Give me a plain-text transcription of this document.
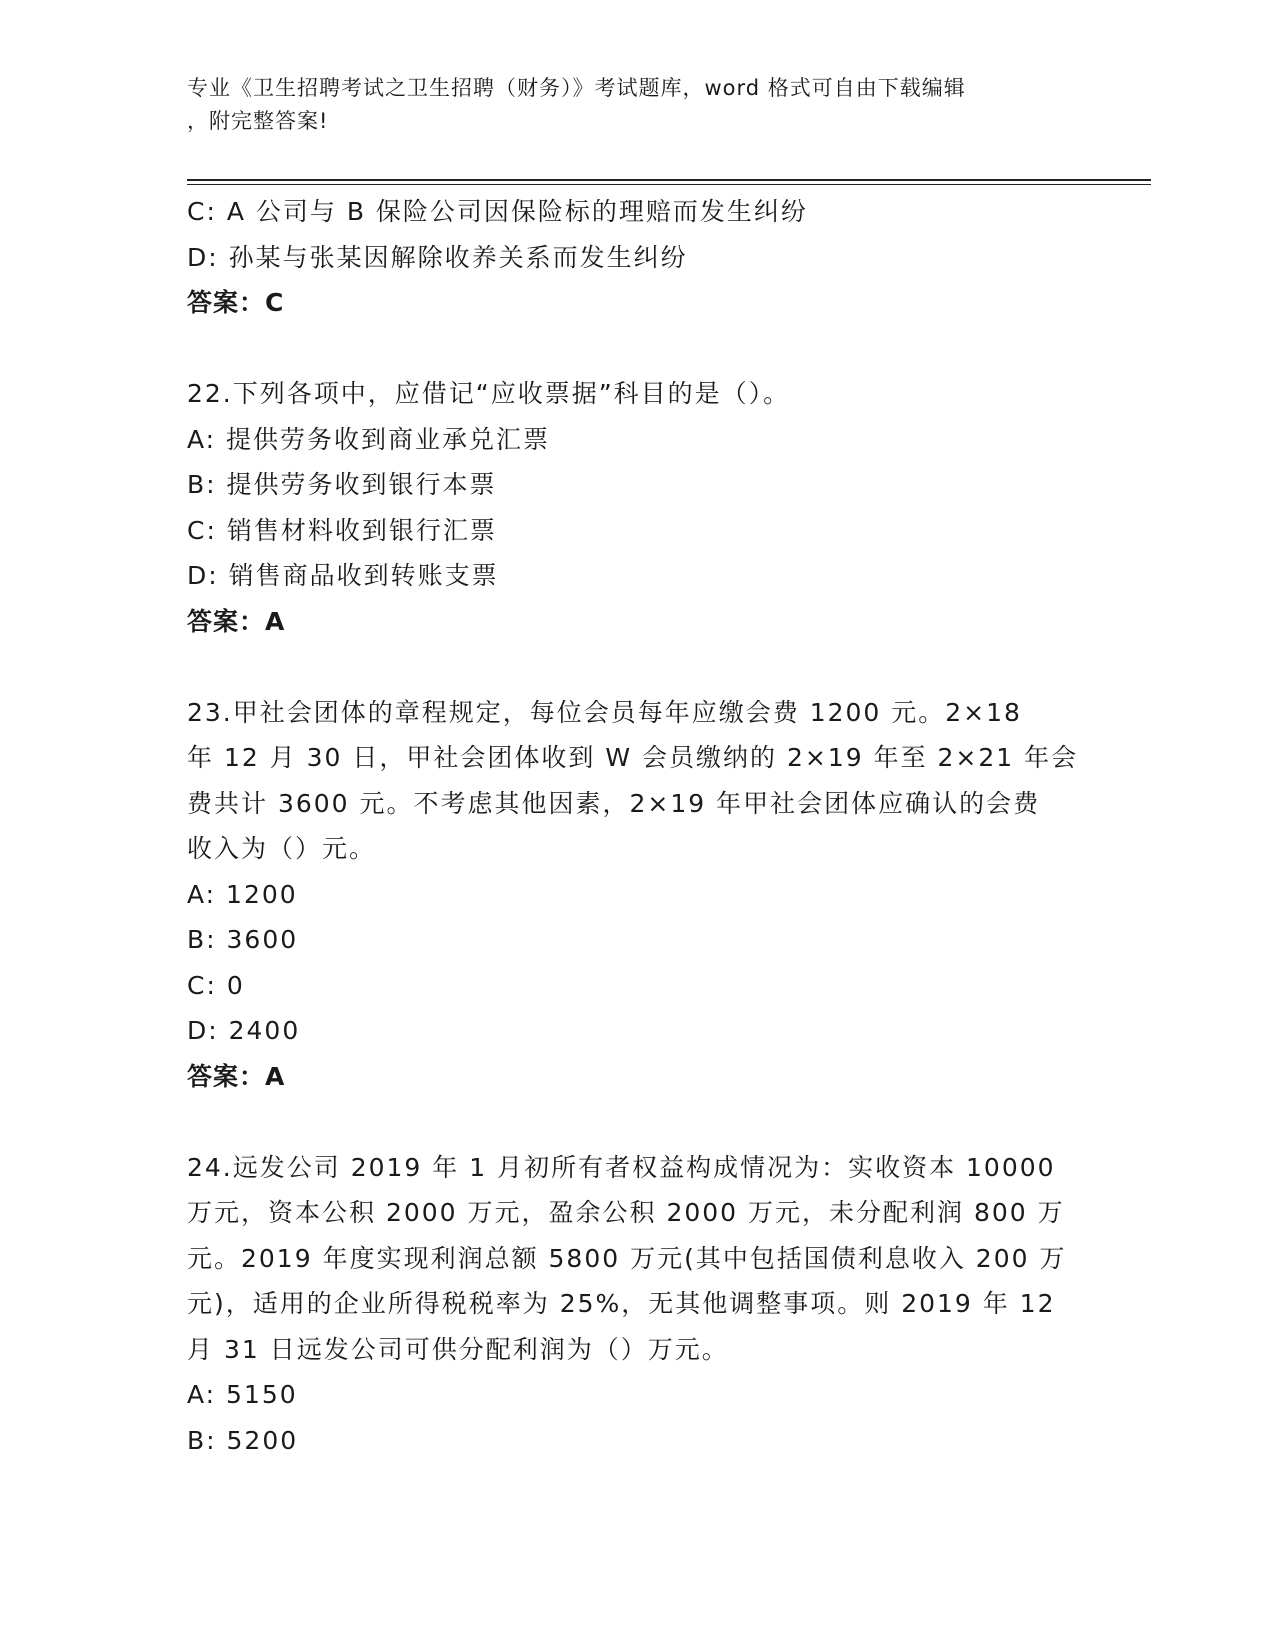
专业《卫生招聘考试之卫生招聘（财务）》考试题库，word 格式可自由下载编辑
，附完整答案!
C: A 公司与 B 保险公司因保险标的理赔而发生纠纷
D: 孙某与张某因解除收养关系而发生纠纷
答案：C
22.下列各项中，应借记“应收票据”科目的是（）。
A: 提供劳务收到商业承兑汇票
B: 提供劳务收到银行本票
C: 销售材料收到银行汇票
D: 销售商品收到转账支票
答案：A
23.甲社会团体的章程规定，每位会员每年应缴会费 1200 元。2×18
年 12 月 30 日，甲社会团体收到 W 会员缴纳的 2×19 年至 2×21 年会
费共计 3600 元。不考虑其他因素，2×19 年甲社会团体应确认的会费
收入为（）元。
A: 1200
B: 3600
C: 0
D: 2400
答案：A
24.远发公司 2019 年 1 月初所有者权益构成情况为：实收资本 10000
万元，资本公积 2000 万元，盈余公积 2000 万元，未分配利润 800 万
元。2019 年度实现利润总额 5800 万元(其中包括国债利息收入 200 万
元)，适用的企业所得税税率为 25%，无其他调整事项。则 2019 年 12
月 31 日远发公司可供分配利润为（）万元。
A: 5150
B: 5200
